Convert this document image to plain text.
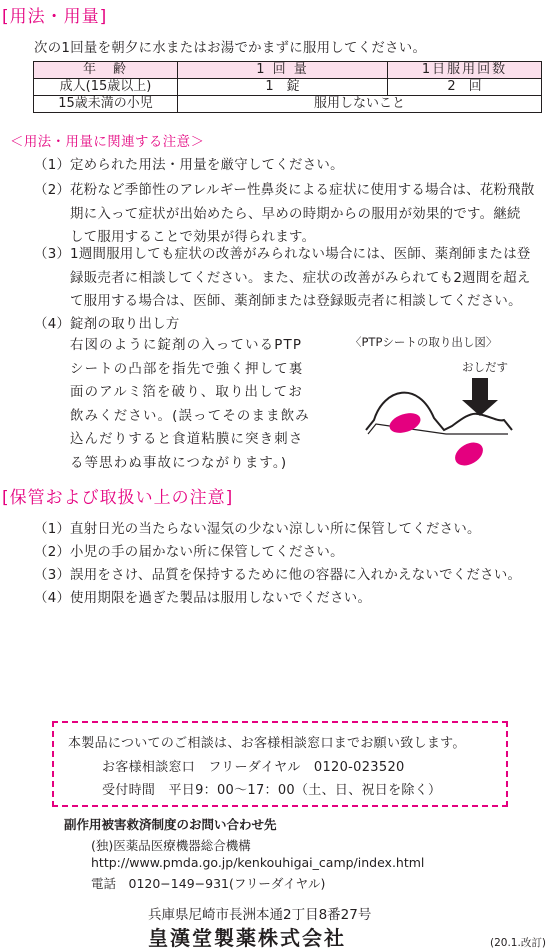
[用法・用量]
次の1回量を朝夕に水またはお湯でかまずに服用してください。
年　齢	1 回 量	1日服用回数
成人(15歳以上)	1　錠	2　回
15歳未満の小児	服用しないこと	
＜用法・用量に関連する注意＞
（1）定められた用法・用量を厳守してください。
（2）花粉など季節性のアレルギー性鼻炎による症状に使用する場合は、花粉飛散
期に入って症状が出始めたら、早めの時期からの服用が効果的です。継続
して服用することで効果が得られます。
（3）1週間服用しても症状の改善がみられない場合には、医師、薬剤師または登
録販売者に相談してください。また、症状の改善がみられても2週間を超え
て服用する場合は、医師、薬剤師または登録販売者に相談してください。
（4）錠剤の取り出し方
右図のように錠剤の入っているPTP
シートの凸部を指先で強く押して裏
面のアルミ箔を破り、取り出してお
飲みください。(誤ってそのまま飲み
込んだりすると食道粘膜に突き刺さ
る等思わぬ事故につながります。)
〈PTPシートの取り出し図〉
おしだす
[保管および取扱い上の注意]
（1）直射日光の当たらない湿気の少ない涼しい所に保管してください。
（2）小児の手の届かない所に保管してください。
（3）誤用をさけ、品質を保持するために他の容器に入れかえないでください。
（4）使用期限を過ぎた製品は服用しないでください。
本製品についてのご相談は、お客様相談窓口までお願い致します。
お客様相談窓口　フリーダイヤル　0120-023520
受付時間　平日9：00〜17：00（土、日、祝日を除く）
副作用被害救済制度のお問い合わせ先
(独)医薬品医療機器総合機構
http://www.pmda.go.jp/kenkouhigai_camp/index.html
電話　0120−149−931(フリーダイヤル)
兵庫県尼崎市長洲本通2丁目8番27号
皇漢堂製薬株式会社	(20.1.改訂)
